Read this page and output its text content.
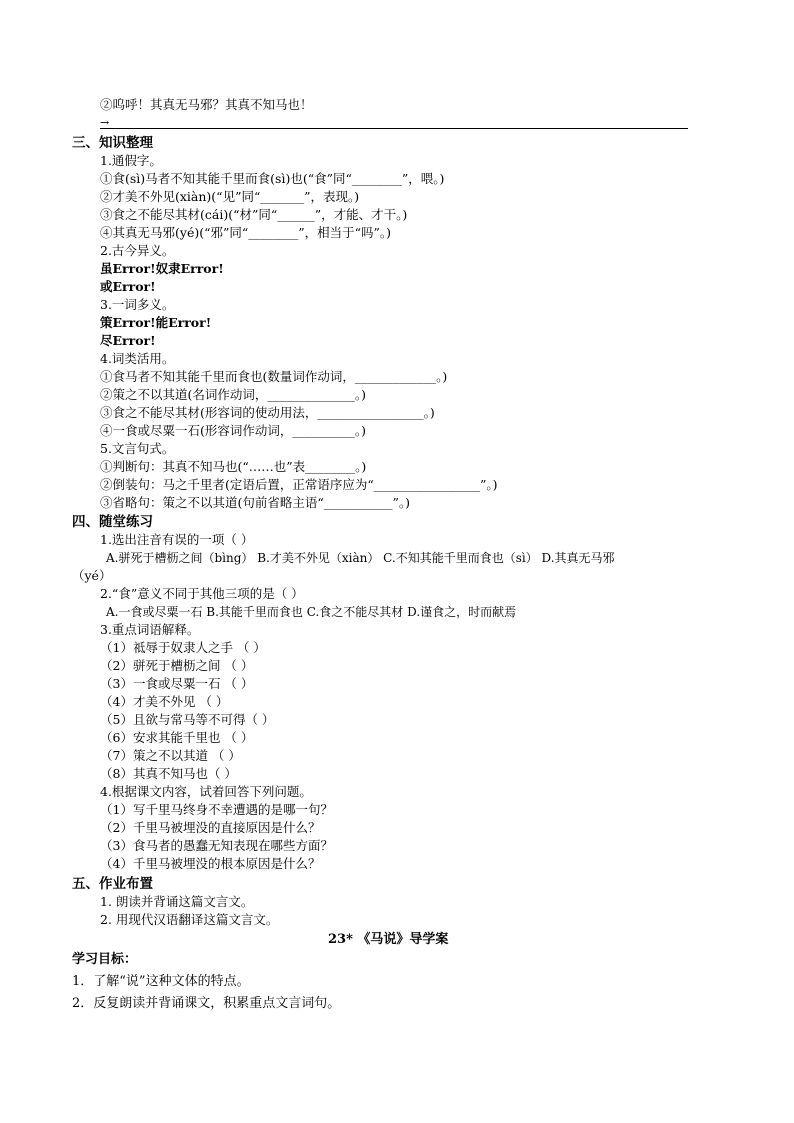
②呜呼！其真无马邪？其真不知马也！
→
三、知识整理
1.通假字。
①食(sì)马者不知其能千里而食(sì)也(“食”同“________”，喂。)
②才美不外见(xiàn)(“见”同“_______”，表现。)
③食之不能尽其材(cái)(“材”同“______”，才能、才干。)
④其真无马邪(yé)(“邪”同“________”，相当于“吗”。)
2.古今异义。
虽Error!奴隶Error!
或Error!
3.一词多义。
策Error!能Error!
尽Error!
4.词类活用。
①食马者不知其能千里而食也(数量词作动词，_____________。)
②策之不以其道(名词作动词，______________。)
③食之不能尽其材(形容词的使动用法，_________________。)
④一食或尽粟一石(形容词作动词，__________。)
5.文言句式。
①判断句：其真不知马也(“……也”表________。)
②倒装句：马之千里者(定语后置，正常语序应为“_________________”。)
③省略句：策之不以其道(句前省略主语“___________”。)
四、随堂练习
1.选出注音有误的一项（ ）
A.骈死于槽枥之间（bìng） B.才美不外见（xiàn） C.不知其能千里而食也（sì） D.其真无马邪
（yé）
2.“食”意义不同于其他三项的是（ ）
A.一食或尽粟一石 B.其能千里而食也 C.食之不能尽其材 D.谨食之，时而献焉
3.重点词语解释。
（1）祗辱于奴隶人之手 （ ）
（2）骈死于槽枥之间 （ ）
（3）一食或尽粟一石 （ ）
（4）才美不外见 （ ）
（5）且欲与常马等不可得（ ）
（6）安求其能千里也 （ ）
（7）策之不以其道 （ ）
（8）其真不知马也（ ）
4.根据课文内容，试着回答下列问题。
（1）写千里马终身不幸遭遇的是哪一句？
（2）千里马被埋没的直接原因是什么？
（3）食马者的愚蠢无知表现在哪些方面？
（4）千里马被埋没的根本原因是什么？
五、作业布置
1. 朗读并背诵这篇文言文。
2. 用现代汉语翻译这篇文言文。
23* 《马说》导学案
学习目标：
1．了解“说”这种文体的特点。
2．反复朗读并背诵课文，积累重点文言词句。
